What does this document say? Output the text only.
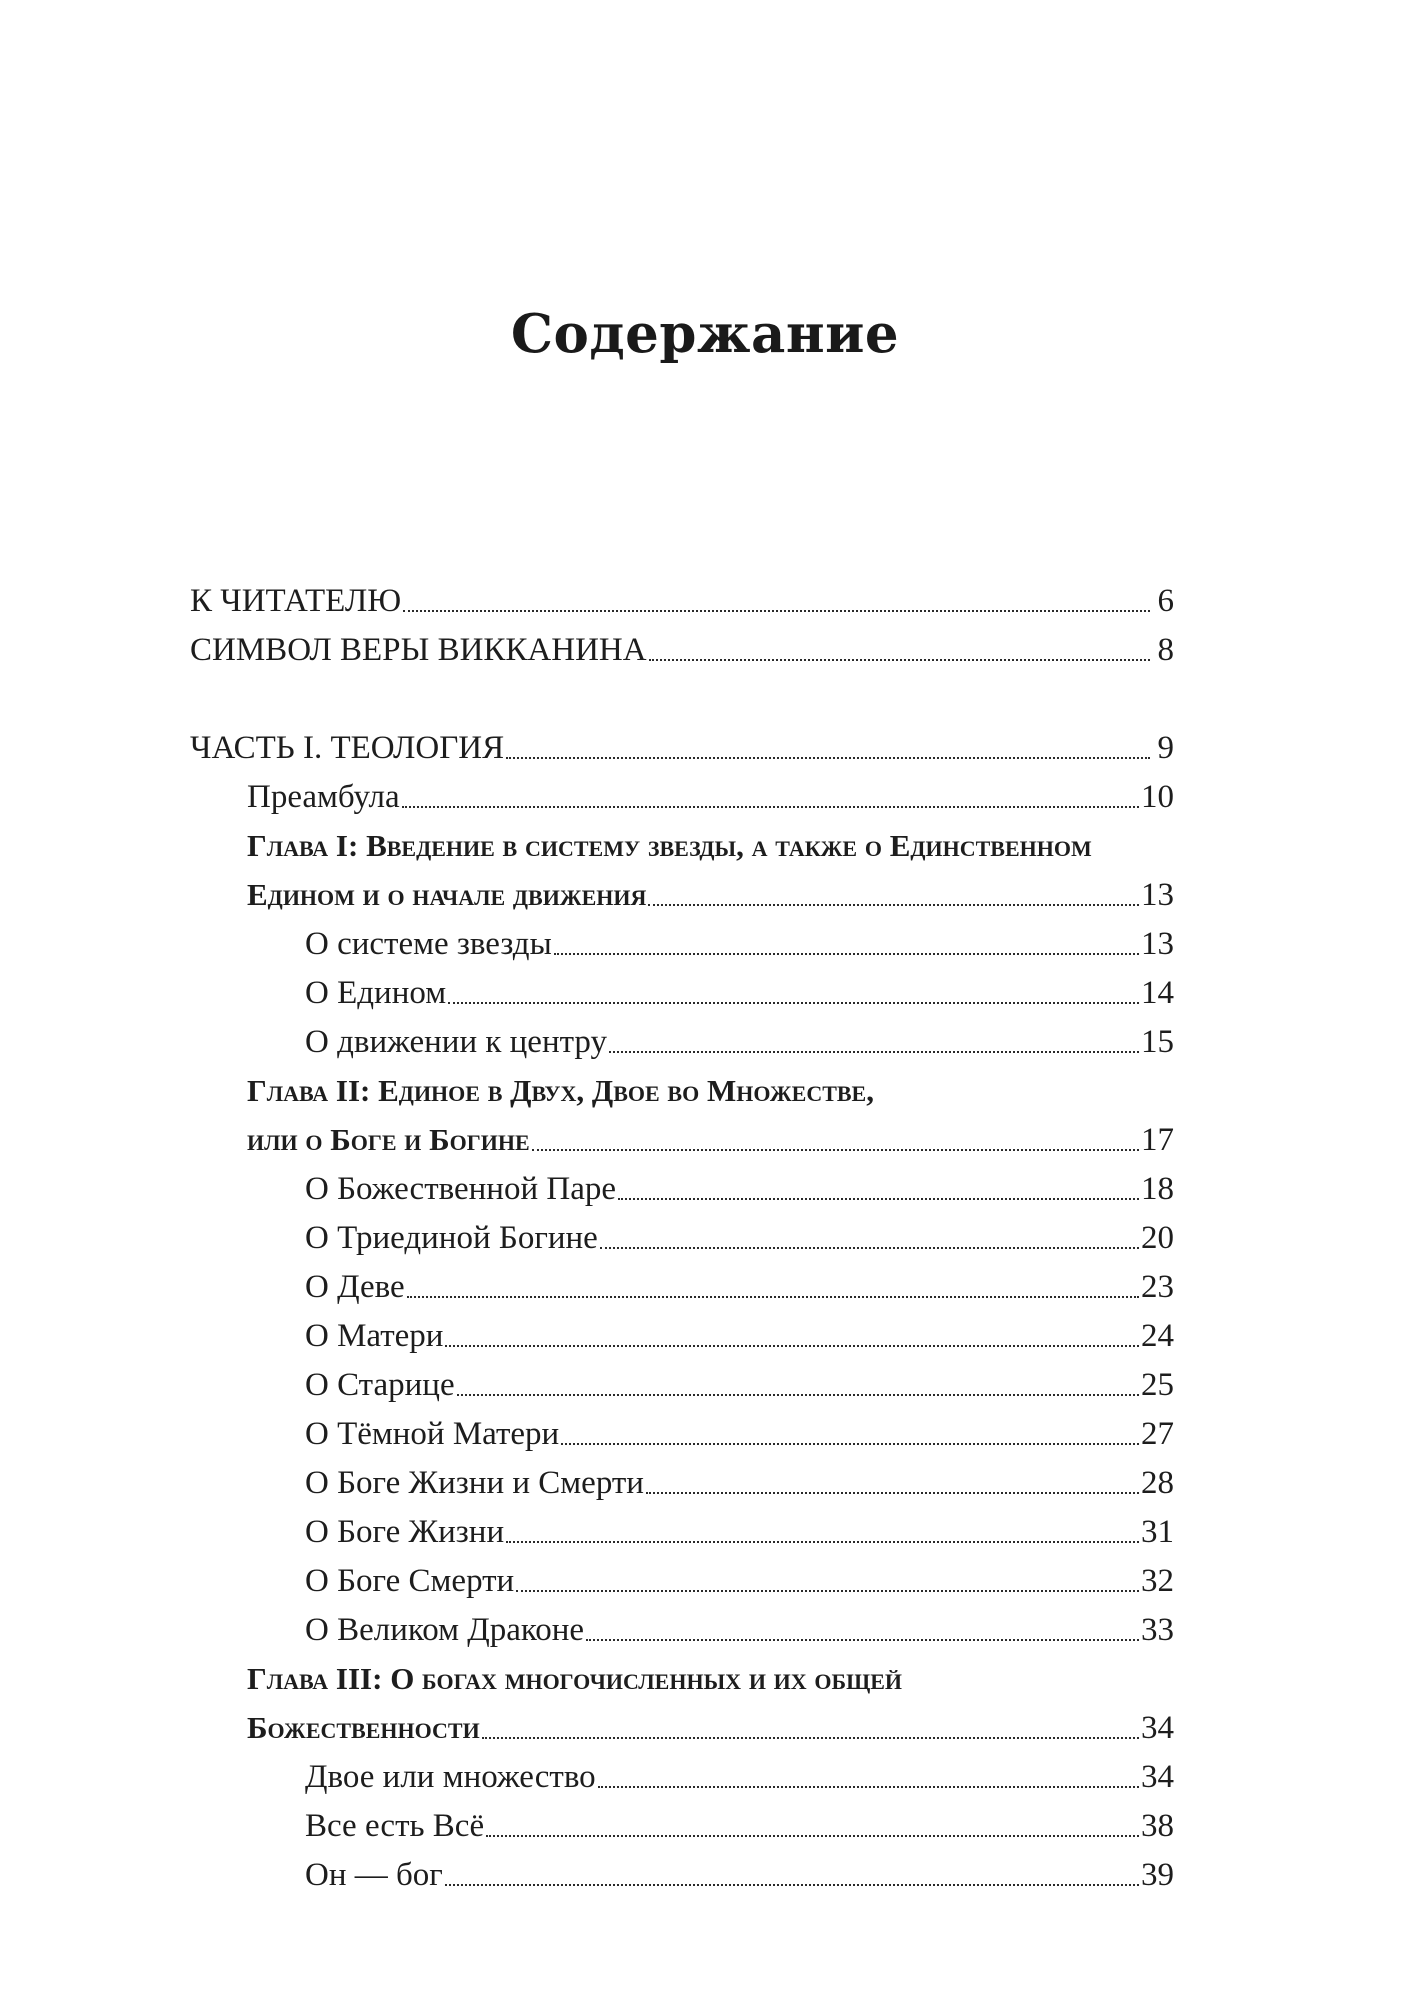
Содержание
К ЧИТАТЕЛЮ	6
СИМВОЛ ВЕРЫ ВИККАНИНА	8
ЧАСТЬ I. ТЕОЛОГИЯ	9
Преамбула	10
Глава I: Введение в систему звезды, а также о Единственном
Едином и о начале движения	13
О системе звезды	13
О Едином	14
О движении к центру	15
Глава II: Единое в Двух, Двое во Множестве,
или о Боге и Богине	17
О Божественной Паре	18
О Триединой Богине	20
О Деве	23
О Матери	24
О Старице	25
О Тёмной Матери	27
О Боге Жизни и Смерти	28
О Боге Жизни	31
О Боге Смерти	32
О Великом Драконе	33
Глава III: О богах многочисленных и их общей
Божественности	34
Двое или множество	34
Все есть Всё	38
Он — бог	39
